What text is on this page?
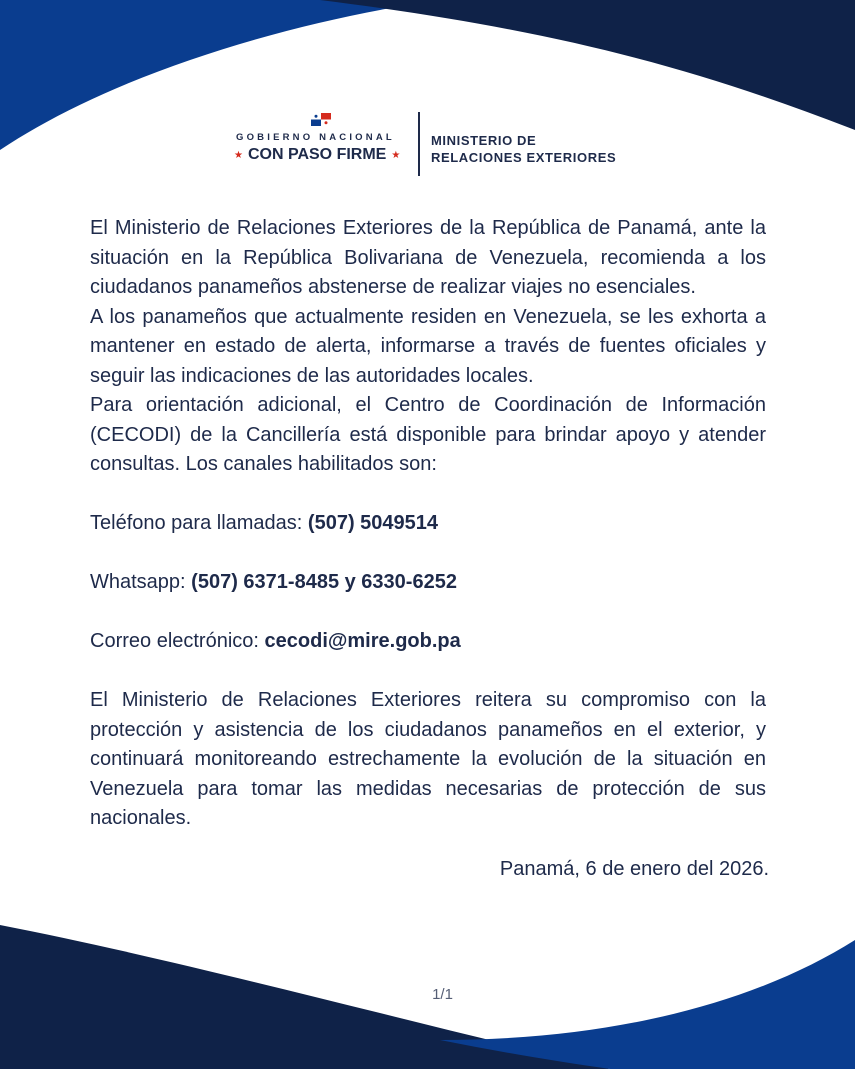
GOBIERNO NACIONAL
★ CON PASO FIRME ★
MINISTERIO DE
RELACIONES EXTERIORES

El Ministerio de Relaciones Exteriores de la República de Panamá, ante la situación en la República Bolivariana de Venezuela, recomienda a los ciudadanos panameños abstenerse de realizar viajes no esenciales.

A los panameños que actualmente residen en Venezuela, se les exhorta a mantener en estado de alerta, informarse a través de fuentes oficiales y seguir las indicaciones de las autoridades locales.

Para orientación adicional, el Centro de Coordinación de Información (CECODI) de la Cancillería está disponible para brindar apoyo y atender consultas. Los canales habilitados son:

Teléfono para llamadas: (507) 5049514

Whatsapp: (507) 6371-8485 y 6330-6252

Correo electrónico: cecodi@mire.gob.pa

El Ministerio de Relaciones Exteriores reitera su compromiso con la protección y asistencia de los ciudadanos panameños en el exterior, y continuará monitoreando estrechamente la evolución de la situación en Venezuela para tomar las medidas necesarias de protección de sus nacionales.

Panamá, 6 de enero del 2026.
1/1
